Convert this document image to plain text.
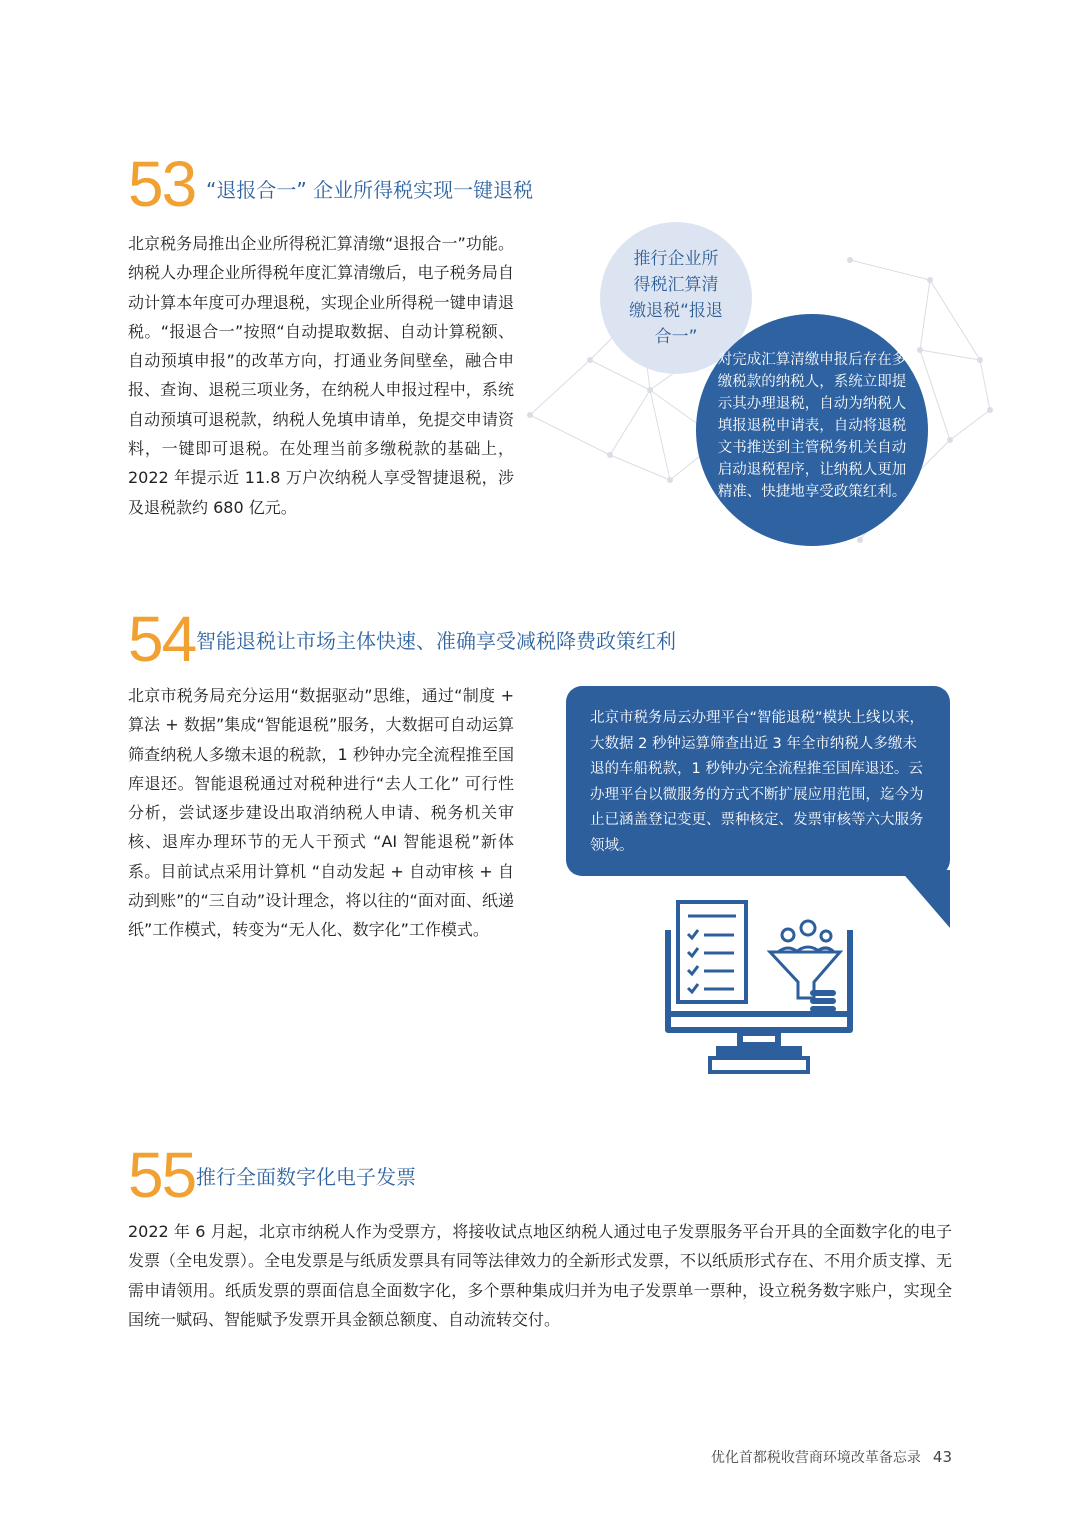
53 “退报合一” 企业所得税实现一键退税
北京税务局推出企业所得税汇算清缴“退报合一”功能。纳税人办理企业所得税年度汇算清缴后，电子税务局自动计算本年度可办理退税，实现企业所得税一键申请退税。“报退合一”按照“自动提取数据、自动计算税额、自动预填申报”的改革方向，打通业务间壁垒，融合申报、查询、退税三项业务，在纳税人申报过程中，系统自动预填可退税款，纳税人免填申请单，免提交申请资料，一键即可退税。在处理当前多缴税款的基础上，2022 年提示近 11.8 万户次纳税人享受智捷退税，涉及退税款约 680 亿元。
推行企业所得税汇算清缴退税“报退合一”
对完成汇算清缴申报后存在多缴税款的纳税人，系统立即提示其办理退税，自动为纳税人填报退税申请表，自动将退税文书推送到主管税务机关自动启动退税程序，让纳税人更加精准、快捷地享受政策红利。
54 智能退税让市场主体快速、准确享受减税降费政策红利
北京市税务局充分运用“数据驱动”思维，通过“制度 + 算法 + 数据”集成“智能退税”服务，大数据可自动运算筛查纳税人多缴未退的税款，1 秒钟办完全流程推至国库退还。智能退税通过对税种进行“去人工化” 可行性分析，尝试逐步建设出取消纳税人申请、税务机关审核、退库办理环节的无人干预式 “AI 智能退税”新体系。目前试点采用计算机 “自动发起 + 自动审核 + 自动到账”的“三自动”设计理念，将以往的“面对面、纸递纸”工作模式，转变为“无人化、数字化”工作模式。
北京市税务局云办理平台“智能退税”模块上线以来，大数据 2 秒钟运算筛查出近 3 年全市纳税人多缴未退的车船税款，1 秒钟办完全流程推至国库退还。云办理平台以微服务的方式不断扩展应用范围，迄今为止已涵盖登记变更、票种核定、发票审核等六大服务领域。
55 推行全面数字化电子发票
2022 年 6 月起，北京市纳税人作为受票方，将接收试点地区纳税人通过电子发票服务平台开具的全面数字化的电子发票（全电发票）。全电发票是与纸质发票具有同等法律效力的全新形式发票，不以纸质形式存在、不用介质支撑、无需申请领用。纸质发票的票面信息全面数字化，多个票种集成归并为电子发票单一票种，设立税务数字账户，实现全国统一赋码、智能赋予发票开具金额总额度、自动流转交付。
优化首都税收营商环境改革备忘录 43
